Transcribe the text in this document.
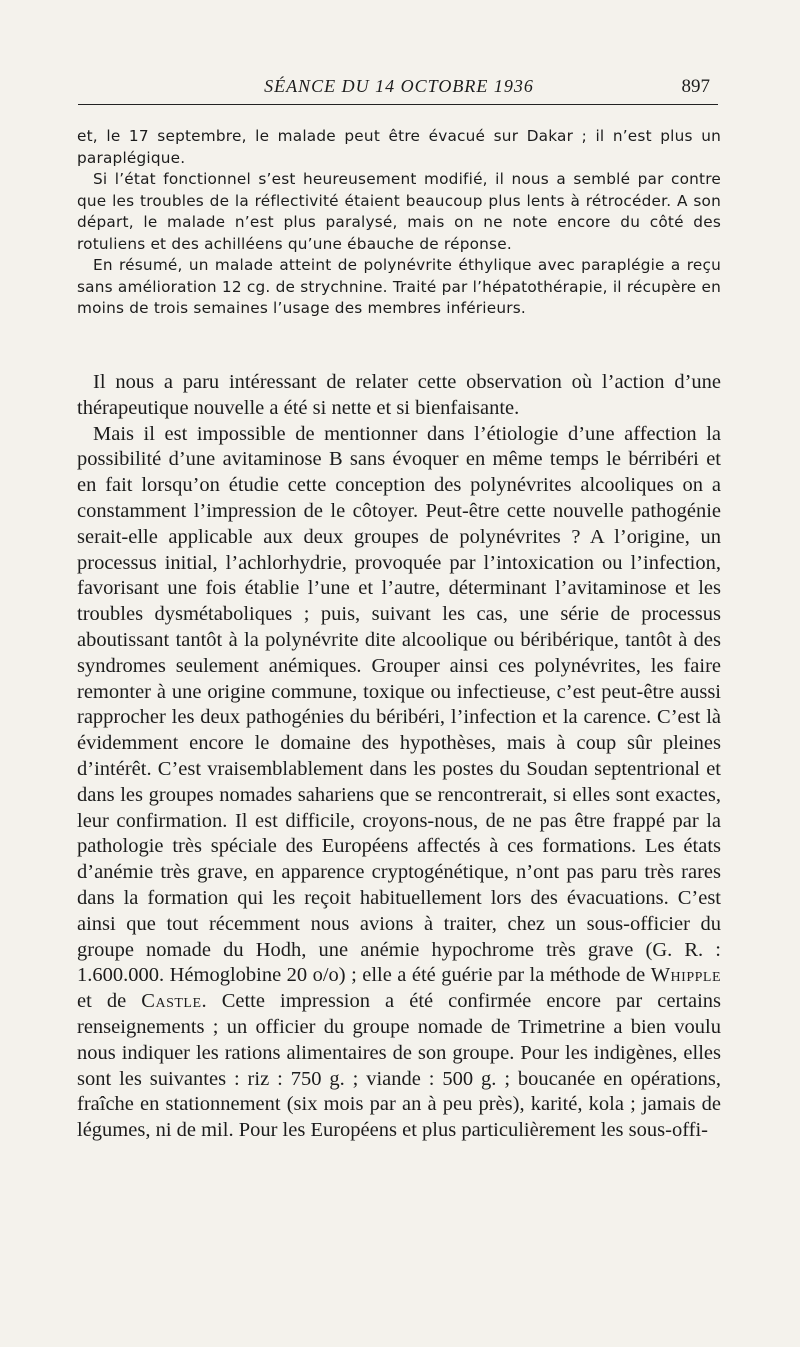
SÉANCE DU 14 OCTOBRE 1936	897

et, le 17 septembre, le malade peut être évacué sur Dakar ; il n’est plus un paraplégique.

Si l’état fonctionnel s’est heureusement modifié, il nous a semblé par contre que les troubles de la réflectivité étaient beaucoup plus lents à rétrocéder. A son départ, le malade n’est plus paralysé, mais on ne note encore du côté des rotuliens et des achilléens qu’une ébauche de réponse.

En résumé, un malade atteint de polynévrite éthylique avec paraplégie a reçu sans amélioration 12 cg. de strychnine. Traité par l’hépatothérapie, il récupère en moins de trois semaines l’usage des membres inférieurs.

Il nous a paru intéressant de relater cette observation où l’action d’une thérapeutique nouvelle a été si nette et si bienfaisante.

Mais il est impossible de mentionner dans l’étiologie d’une affection la possibilité d’une avitaminose B sans évoquer en même temps le bérribéri et en fait lorsqu’on étudie cette conception des polynévrites alcooliques on a constamment l’impression de le côtoyer. Peut-être cette nouvelle pathogénie serait-elle applicable aux deux groupes de polynévrites ? A l’origine, un processus initial, l’achlorhydrie, provoquée par l’intoxication ou l’infection, favorisant une fois établie l’une et l’autre, déterminant l’avitaminose et les troubles dysmétaboliques ; puis, suivant les cas, une série de processus aboutissant tantôt à la polynévrite dite alcoolique ou béribérique, tantôt à des syndromes seulement anémiques. Grouper ainsi ces polynévrites, les faire remonter à une origine commune, toxique ou infectieuse, c’est peut-être aussi rapprocher les deux pathogénies du béribéri, l’infection et la carence. C’est là évidemment encore le domaine des hypothèses, mais à coup sûr pleines d’intérêt. C’est vraisemblablement dans les postes du Soudan septentrional et dans les groupes nomades sahariens que se rencontrerait, si elles sont exactes, leur confirmation. Il est difficile, croyons-nous, de ne pas être frappé par la pathologie très spéciale des Européens affectés à ces formations. Les états d’anémie très grave, en apparence cryptogénétique, n’ont pas paru très rares dans la formation qui les reçoit habituellement lors des évacuations. C’est ainsi que tout récemment nous avions à traiter, chez un sous-officier du groupe nomade du Hodh, une anémie hypochrome très grave (G. R. : 1.600.000. Hémoglobine 20 o/o) ; elle a été guérie par la méthode de Whipple et de Castle. Cette impression a été confirmée encore par certains renseignements ; un officier du groupe nomade de Trimetrine a bien voulu nous indiquer les rations alimentaires de son groupe. Pour les indigènes, elles sont les suivantes : riz : 750 g. ; viande : 500 g. ; boucanée en opérations, fraîche en stationnement (six mois par an à peu près), karité, kola ; jamais de légumes, ni de mil. Pour les Européens et plus particulièrement les sous-offi-
